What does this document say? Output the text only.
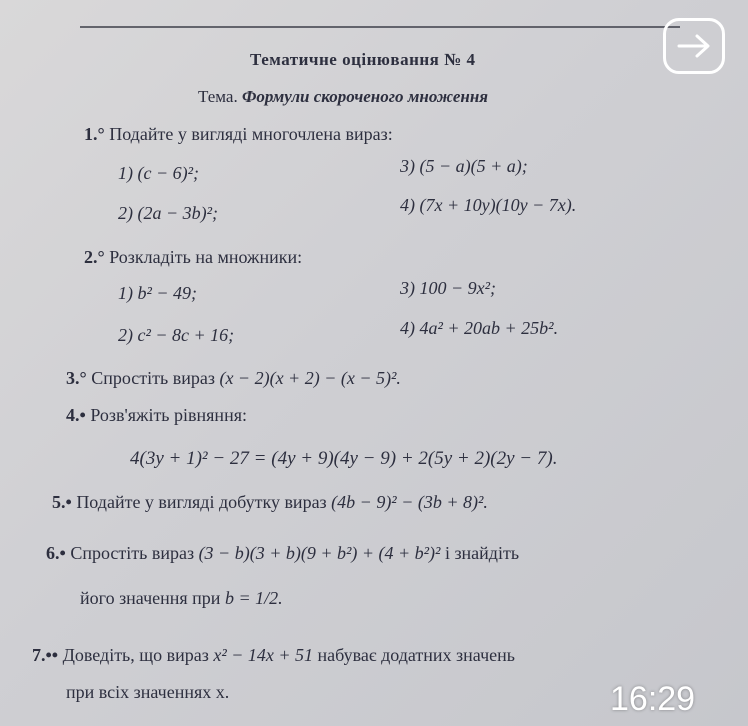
Тематичне оцінювання № 4
Тема. Формули скороченого множення
1.° Подайте у вигляді многочлена вираз:
1) (c − 6)²;	3) (5 − a)(5 + a);
2) (2a − 3b)²;	4) (7x + 10y)(10y − 7x).
2.° Розкладіть на множники:
1) b² − 49;	3) 100 − 9x²;
2) c² − 8c + 16;	4) 4a² + 20ab + 25b².
3.° Спростіть вираз (x − 2)(x + 2) − (x − 5)².
4.• Розв'яжіть рівняння:
4(3y + 1)² − 27 = (4y + 9)(4y − 9) + 2(5y + 2)(2y − 7).
5.• Подайте у вигляді добутку вираз (4b − 9)² − (3b + 8)².
6.• Спростіть вираз (3 − b)(3 + b)(9 + b²) + (4 + b²)² і знайдіть
його значення при b = 1/2.
7.•• Доведіть, що вираз x² − 14x + 51 набуває додатних значень
при всіх значеннях x.	16:29
